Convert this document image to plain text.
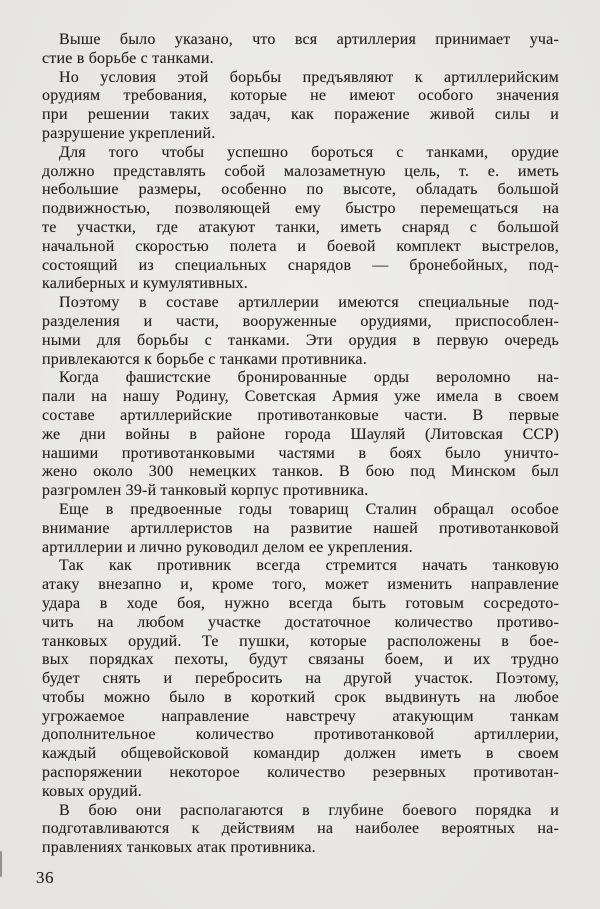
Выше было указано, что вся артиллерия принимает уча-
стие в борьбе с танками.
Но условия этой борьбы предъявляют к артиллерийским
орудиям требования, которые не имеют особого значения
при решении таких задач, как поражение живой силы и
разрушение укреплений.
Для того чтобы успешно бороться с танками, орудие
должно представлять собой малозаметную цель, т. е. иметь
небольшие размеры, особенно по высоте, обладать большой
подвижностью, позволяющей ему быстро перемещаться на
те участки, где атакуют танки, иметь снаряд с большой
начальной скоростью полета и боевой комплект выстрелов,
состоящий из специальных снарядов — бронебойных, под-
калиберных и кумулятивных.
Поэтому в составе артиллерии имеются специальные под-
разделения и части, вооруженные орудиями, приспособлен-
ными для борьбы с танками. Эти орудия в первую очередь
привлекаются к борьбе с танками противника.
Когда фашистские бронированные орды вероломно на-
пали на нашу Родину, Советская Армия уже имела в своем
составе артиллерийские противотанковые части. В первые
же дни войны в районе города Шауляй (Литовская ССР)
нашими противотанковыми частями в боях было уничто-
жено около 300 немецких танков. В бою под Минском был
разгромлен 39-й танковый корпус противника.
Еще в предвоенные годы товарищ Сталин обращал особое
внимание артиллеристов на развитие нашей противотанковой
артиллерии и лично руководил делом ее укрепления.
Так как противник всегда стремится начать танковую
атаку внезапно и, кроме того, может изменить направление
удара в ходе боя, нужно всегда быть готовым сосредото-
чить на любом участке достаточное количество противо-
танковых орудий. Те пушки, которые расположены в бое-
вых порядках пехоты, будут связаны боем, и их трудно
будет снять и перебросить на другой участок. Поэтому,
чтобы можно было в короткий срок выдвинуть на любое
угрожаемое направление навстречу атакующим танкам
дополнительное количество противотанковой артиллерии,
каждый общевойсковой командир должен иметь в своем
распоряжении некоторое количество резервных противотан-
ковых орудий.
В бою они располагаются в глубине боевого порядка и
подготавливаются к действиям на наиболее вероятных на-
правлениях танковых атак противника.
36
